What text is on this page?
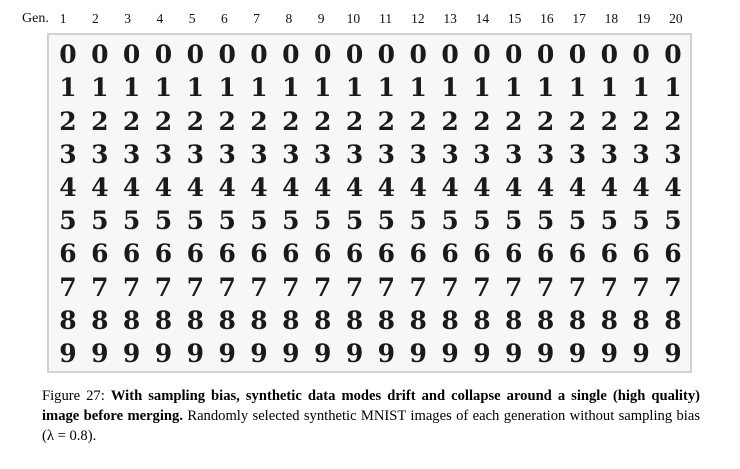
Gen. 1	2	3	4	5	6	7	8	9	10	11	12	13	14	15	16	17	18	19	20
0 0 0 0 0 0 0 0 0 0 0 0 0 0 0 0 0 0 0 0
1 1 1 1 1 1 1 1 1 1 1 1 1 1 1 1 1 1 1 1
2 2 2 2 2 2 2 2 2 2 2 2 2 2 2 2 2 2 2 2
3 3 3 3 3 3 3 3 3 3 3 3 3 3 3 3 3 3 3 3
4 4 4 4 4 4 4 4 4 4 4 4 4 4 4 4 4 4 4 4
5 5 5 5 5 5 5 5 5 5 5 5 5 5 5 5 5 5 5 5
6 6 6 6 6 6 6 6 6 6 6 6 6 6 6 6 6 6 6 6
7 7 7 7 7 7 7 7 7 7 7 7 7 7 7 7 7 7 7 7
8 8 8 8 8 8 8 8 8 8 8 8 8 8 8 8 8 8 8 8
9 9 9 9 9 9 9 9 9 9 9 9 9 9 9 9 9 9 9 9
Figure 27: With sampling bias, synthetic data modes drift and collapse around a single (high quality) image before merging. Randomly selected synthetic MNIST images of each generation without sampling bias (λ = 0.8).
